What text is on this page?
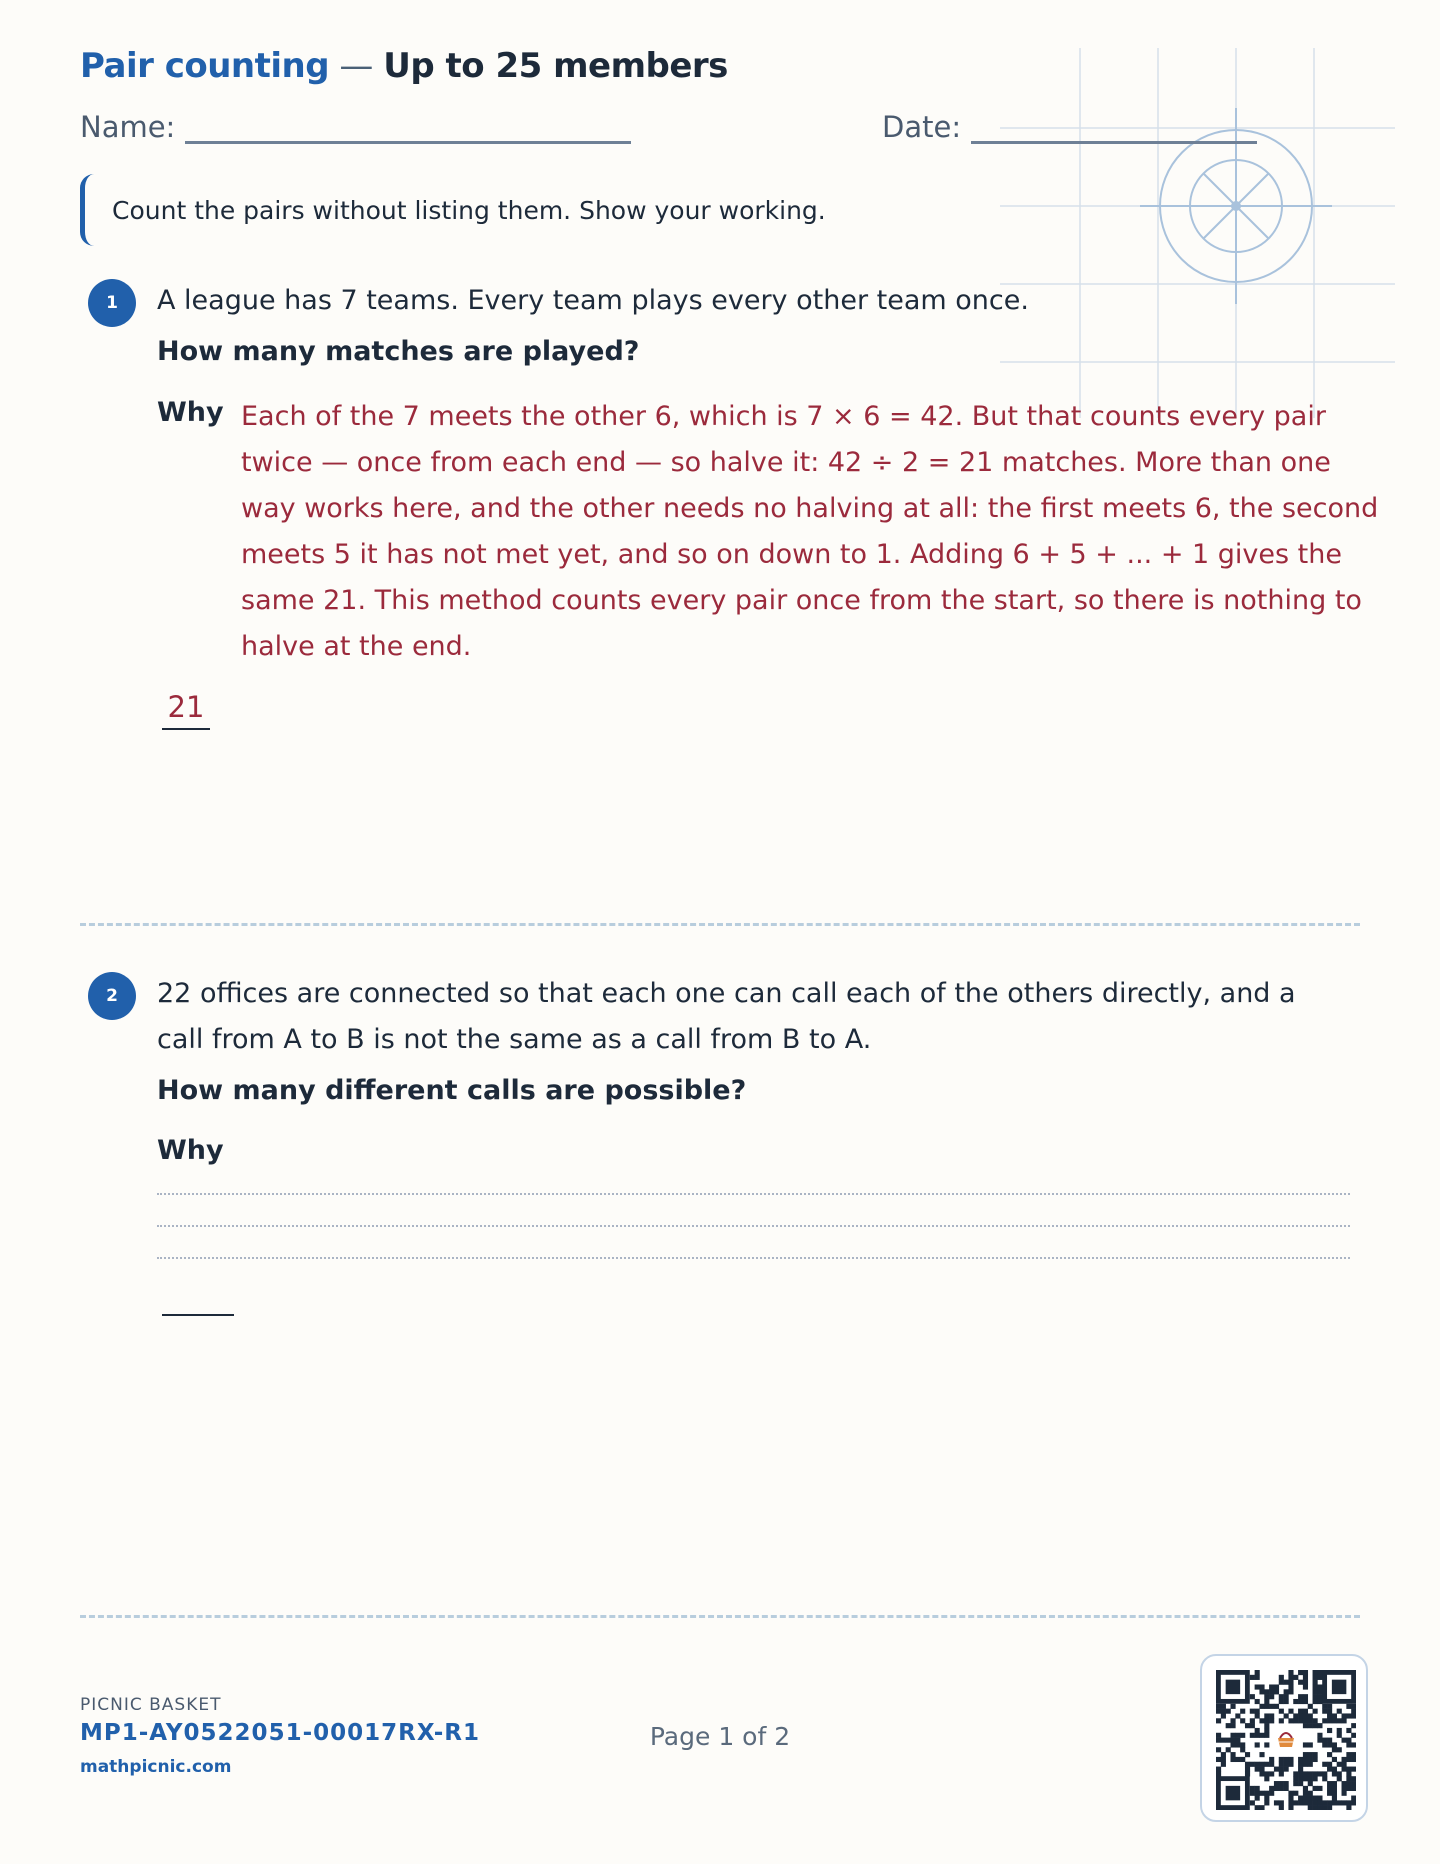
Pair counting — Up to 25 members
Name:	Date:
Count the pairs without listing them. Show your working.
1	A league has 7 teams. Every team plays every other team once.
How many matches are played?
Why Each of the 7 meets the other 6, which is 7 × 6 = 42. But that counts every pair twice — once from each end — so halve it: 42 ÷ 2 = 21 matches. More than one way works here, and the other needs no halving at all: the first meets 6, the second meets 5 it has not met yet, and so on down to 1. Adding 6 + 5 + ... + 1 gives the same 21. This method counts every pair once from the start, so there is nothing to halve at the end.
21
2	22 offices are connected so that each one can call each of the others directly, and a call from A to B is not the same as a call from B to A.
How many different calls are possible?
Why
PICNIC BASKET
MP1-AY0522051-00017RX-R1
mathpicnic.com
Page 1 of 2
